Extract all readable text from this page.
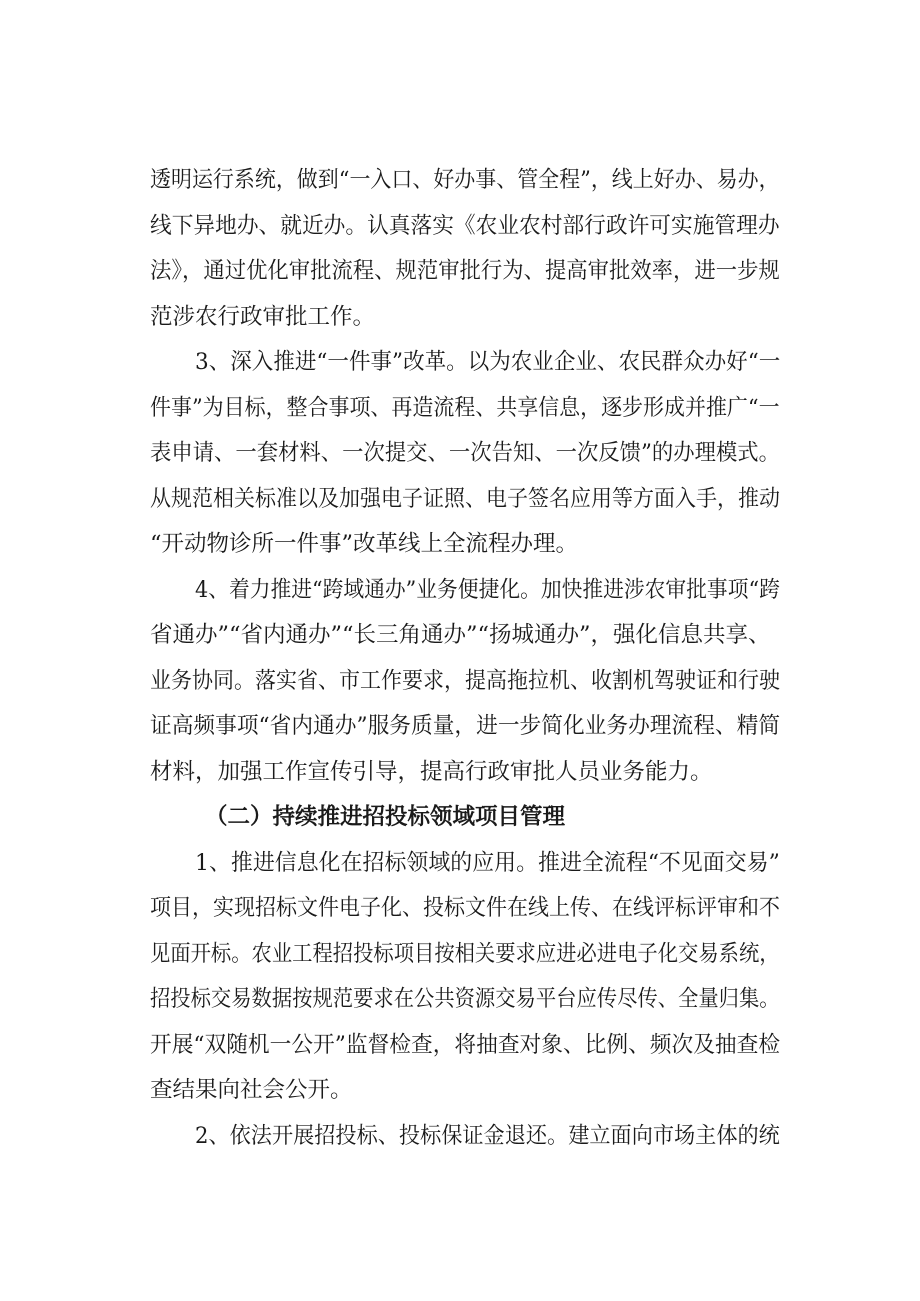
透明运行系统，做到“一入口、好办事、管全程”，线上好办、易办，
线下异地办、就近办。认真落实《农业农村部行政许可实施管理办
法》，通过优化审批流程、规范审批行为、提高审批效率，进一步规
范涉农行政审批工作。
3、深入推进“一件事”改革。以为农业企业、农民群众办好“一
件事”为目标，整合事项、再造流程、共享信息，逐步形成并推广“一
表申请、一套材料、一次提交、一次告知、一次反馈”的办理模式。
从规范相关标准以及加强电子证照、电子签名应用等方面入手，推动
“开动物诊所一件事”改革线上全流程办理。
4、着力推进“跨域通办”业务便捷化。加快推进涉农审批事项“跨
省通办”“省内通办”“长三角通办”“扬城通办”，强化信息共享、
业务协同。落实省、市工作要求，提高拖拉机、收割机驾驶证和行驶
证高频事项“省内通办”服务质量，进一步简化业务办理流程、精简
材料，加强工作宣传引导，提高行政审批人员业务能力。
（二）持续推进招投标领域项目管理
1、推进信息化在招标领域的应用。推进全流程“不见面交易”
项目，实现招标文件电子化、投标文件在线上传、在线评标评审和不
见面开标。农业工程招投标项目按相关要求应进必进电子化交易系统，
招投标交易数据按规范要求在公共资源交易平台应传尽传、全量归集。
开展“双随机一公开”监督检查，将抽查对象、比例、频次及抽查检
查结果向社会公开。
2、依法开展招投标、投标保证金退还。建立面向市场主体的统
